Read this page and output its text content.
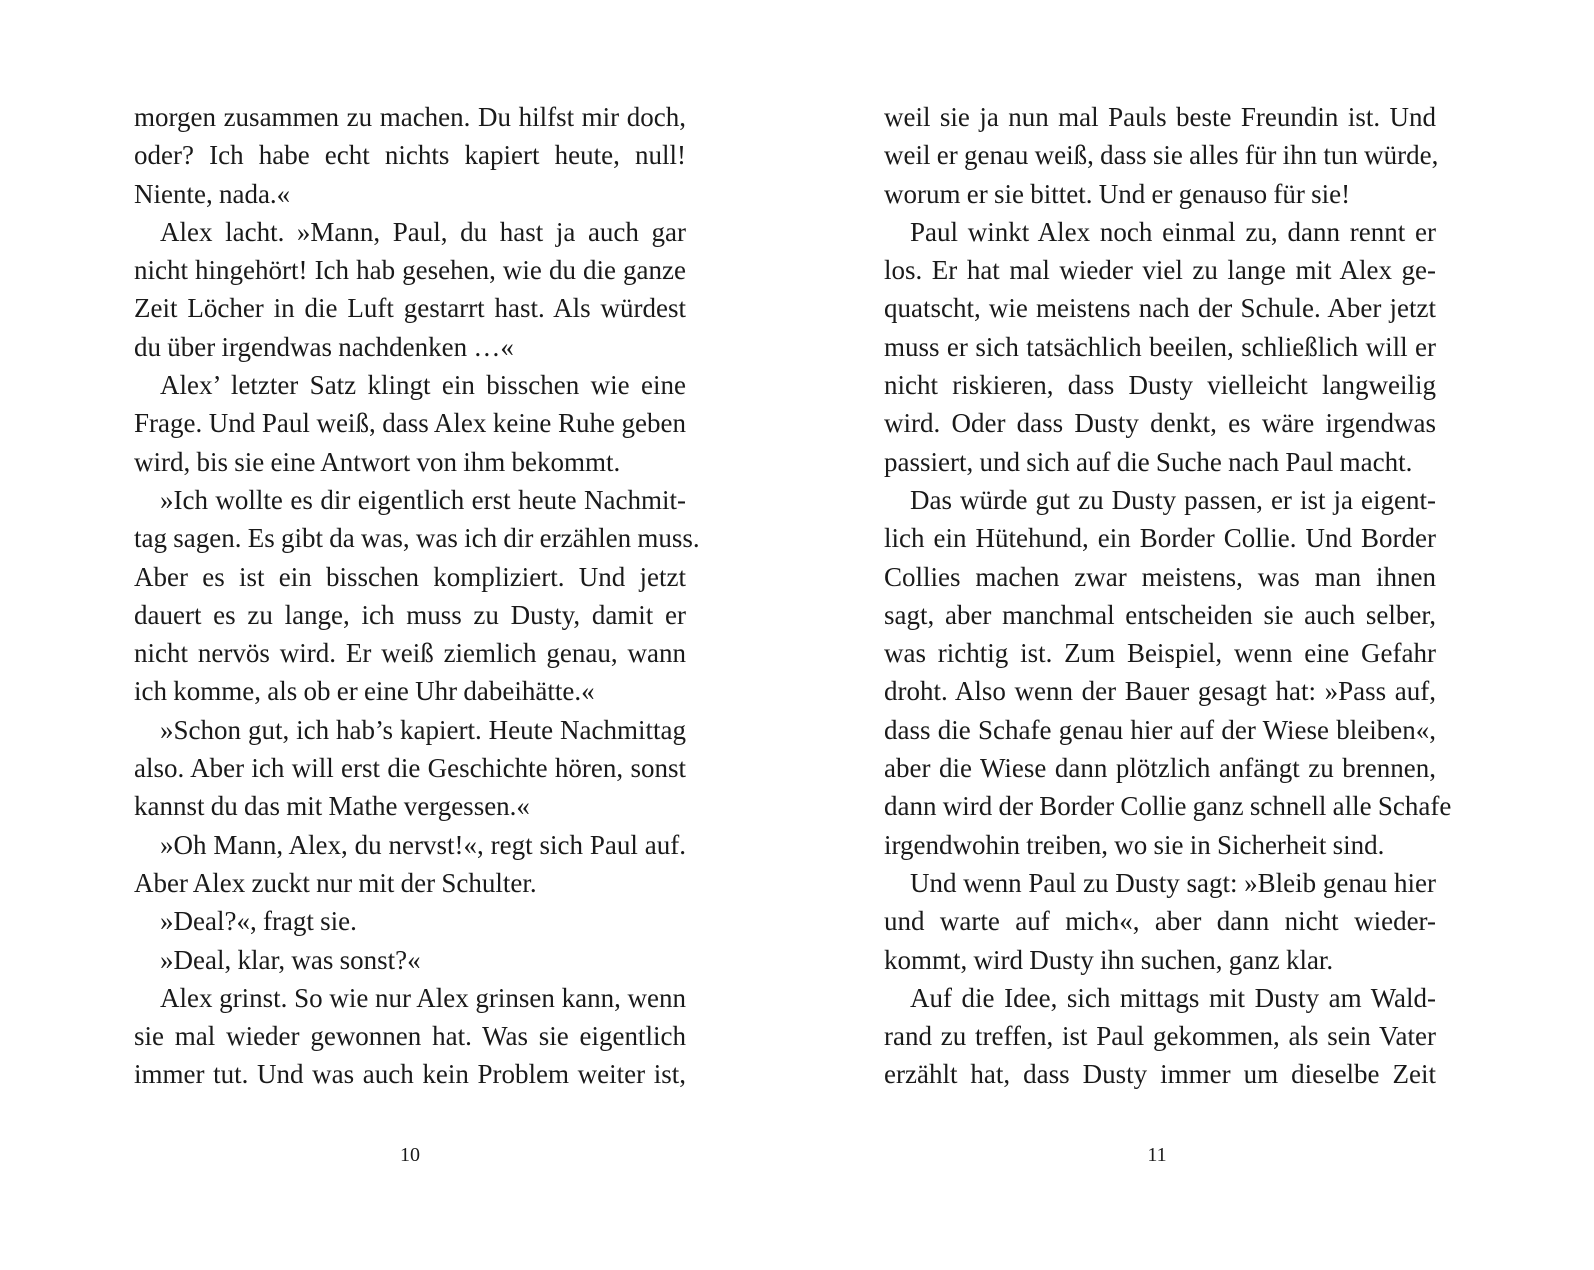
morgen zusammen zu machen. Du hilfst mir doch,
oder? Ich habe echt nichts kapiert heute, null!
Niente, nada.«
Alex lacht. »Mann, Paul, du hast ja auch gar
nicht hingehört! Ich hab gesehen, wie du die ganze
Zeit Löcher in die Luft gestarrt hast. Als würdest
du über irgendwas nachdenken …«
Alex’ letzter Satz klingt ein bisschen wie eine
Frage. Und Paul weiß, dass Alex keine Ruhe geben
wird, bis sie eine Antwort von ihm bekommt.
»Ich wollte es dir eigentlich erst heute Nachmit-
tag sagen. Es gibt da was, was ich dir erzählen muss.
Aber es ist ein bisschen kompliziert. Und jetzt
dauert es zu lange, ich muss zu Dusty, damit er
nicht nervös wird. Er weiß ziemlich genau, wann
ich komme, als ob er eine Uhr dabeihätte.«
»Schon gut, ich hab’s kapiert. Heute Nachmittag
also. Aber ich will erst die Geschichte hören, sonst
kannst du das mit Mathe vergessen.«
»Oh Mann, Alex, du nervst!«, regt sich Paul auf.
Aber Alex zuckt nur mit der Schulter.
»Deal?«, fragt sie.
»Deal, klar, was sonst?«
Alex grinst. So wie nur Alex grinsen kann, wenn
sie mal wieder gewonnen hat. Was sie eigentlich
immer tut. Und was auch kein Problem weiter ist,
weil sie ja nun mal Pauls beste Freundin ist. Und
weil er genau weiß, dass sie alles für ihn tun würde,
worum er sie bittet. Und er genauso für sie!
Paul winkt Alex noch einmal zu, dann rennt er
los. Er hat mal wieder viel zu lange mit Alex ge-
quatscht, wie meistens nach der Schule. Aber jetzt
muss er sich tatsächlich beeilen, schließlich will er
nicht riskieren, dass Dusty vielleicht langweilig
wird. Oder dass Dusty denkt, es wäre irgendwas
passiert, und sich auf die Suche nach Paul macht.
Das würde gut zu Dusty passen, er ist ja eigent-
lich ein Hütehund, ein Border Collie. Und Border
Collies machen zwar meistens, was man ihnen
sagt, aber manchmal entscheiden sie auch selber,
was richtig ist. Zum Beispiel, wenn eine Gefahr
droht. Also wenn der Bauer gesagt hat: »Pass auf,
dass die Schafe genau hier auf der Wiese bleiben«,
aber die Wiese dann plötzlich anfängt zu brennen,
dann wird der Border Collie ganz schnell alle Schafe
irgendwohin treiben, wo sie in Sicherheit sind.
Und wenn Paul zu Dusty sagt: »Bleib genau hier
und warte auf mich«, aber dann nicht wieder-
kommt, wird Dusty ihn suchen, ganz klar.
Auf die Idee, sich mittags mit Dusty am Wald-
rand zu treffen, ist Paul gekommen, als sein Vater
erzählt hat, dass Dusty immer um dieselbe Zeit
10	11
